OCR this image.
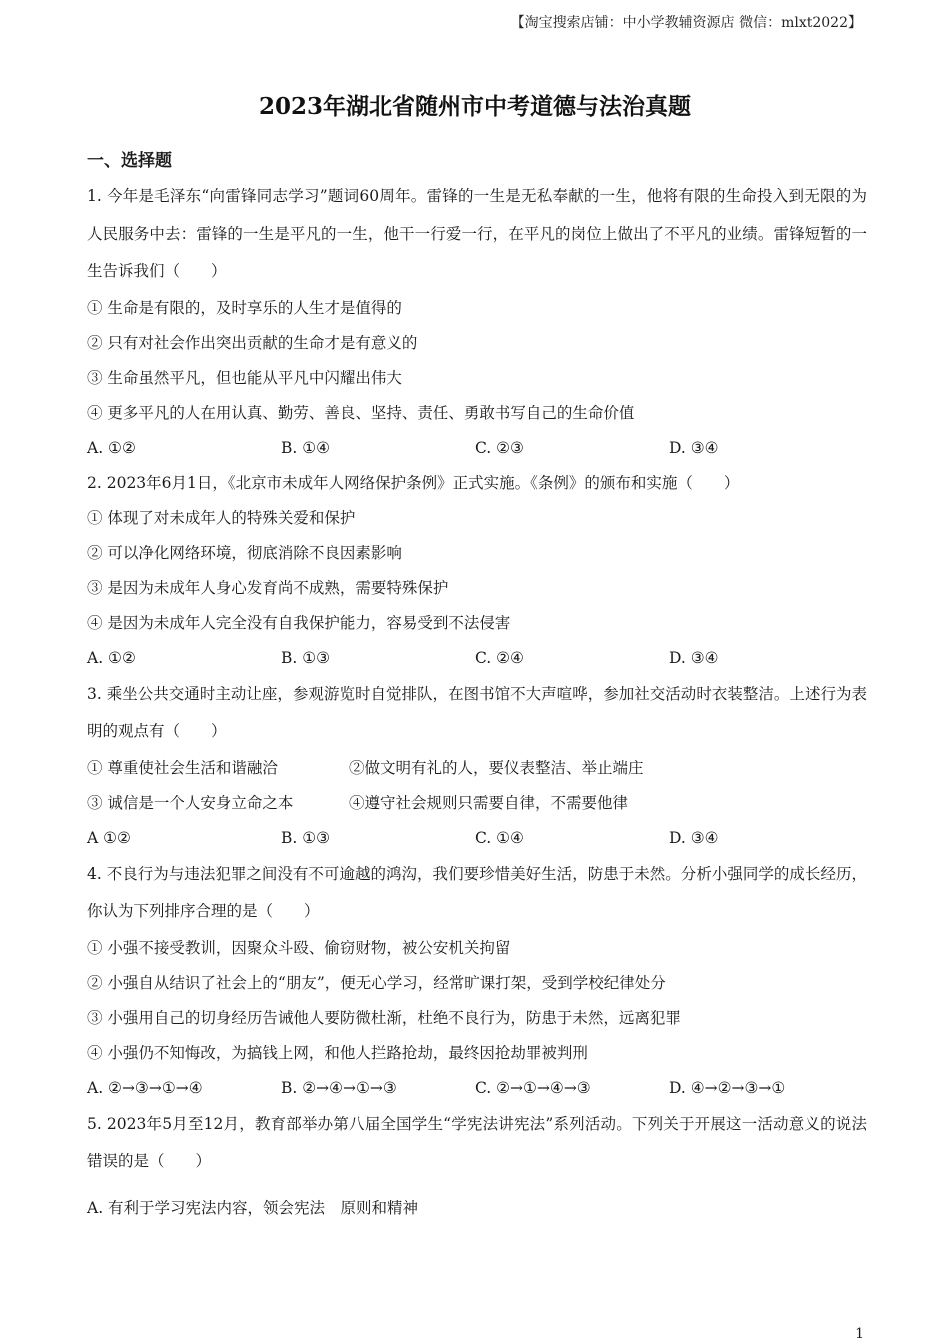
【淘宝搜索店铺：中小学教辅资源店 微信：mlxt2022】
2023年湖北省随州市中考道德与法治真题
一、选择题
1. 今年是毛泽东“向雷锋同志学习”题词60周年。雷锋的一生是无私奉献的一生，他将有限的生命投入到无限的为人民服务中去：雷锋的一生是平凡的一生，他干一行爱一行，在平凡的岗位上做出了不平凡的业绩。雷锋短暂的一生告诉我们（　　）
① 生命是有限的，及时享乐的人生才是值得的
② 只有对社会作出突出贡献的生命才是有意义的
③ 生命虽然平凡，但也能从平凡中闪耀出伟大
④ 更多平凡的人在用认真、勤劳、善良、坚持、责任、勇敢书写自己的生命价值
A. ①②	B. ①④	C. ②③	D. ③④
2. 2023年6月1日，《北京市未成年人网络保护条例》正式实施。《条例》的颁布和实施（　　）
① 体现了对未成年人的特殊关爱和保护
② 可以净化网络环境，彻底消除不良因素影响
③ 是因为未成年人身心发育尚不成熟，需要特殊保护
④ 是因为未成年人完全没有自我保护能力，容易受到不法侵害
A. ①②	B. ①③	C. ②④	D. ③④
3. 乘坐公共交通时主动让座，参观游览时自觉排队，在图书馆不大声喧哗，参加社交活动时衣装整洁。上述行为表明的观点有（　　）
① 尊重使社会生活和谐融洽	②做文明有礼的人，要仪表整洁、举止端庄
③ 诚信是一个人安身立命之本	④遵守社会规则只需要自律，不需要他律
A ①②	B. ①③	C. ①④	D. ③④
4. 不良行为与违法犯罪之间没有不可逾越的鸿沟，我们要珍惜美好生活，防患于未然。分析小强同学的成长经历，你认为下列排序合理的是（　　）
① 小强不接受教训，因聚众斗殴、偷窃财物，被公安机关拘留
② 小强自从结识了社会上的“朋友”，便无心学习，经常旷课打架，受到学校纪律处分
③ 小强用自己的切身经历告诫他人要防微杜渐，杜绝不良行为，防患于未然，远离犯罪
④ 小强仍不知悔改，为搞钱上网，和他人拦路抢劫，最终因抢劫罪被判刑
A. ②→③→①→④	B. ②→④→①→③	C. ②→①→④→③	D. ④→②→③→①
5. 2023年5月至12月，教育部举办第八届全国学生“学宪法讲宪法”系列活动。下列关于开展这一活动意义的说法错误的是（　　）
A. 有利于学习宪法内容，领会宪法　原则和精神
1
